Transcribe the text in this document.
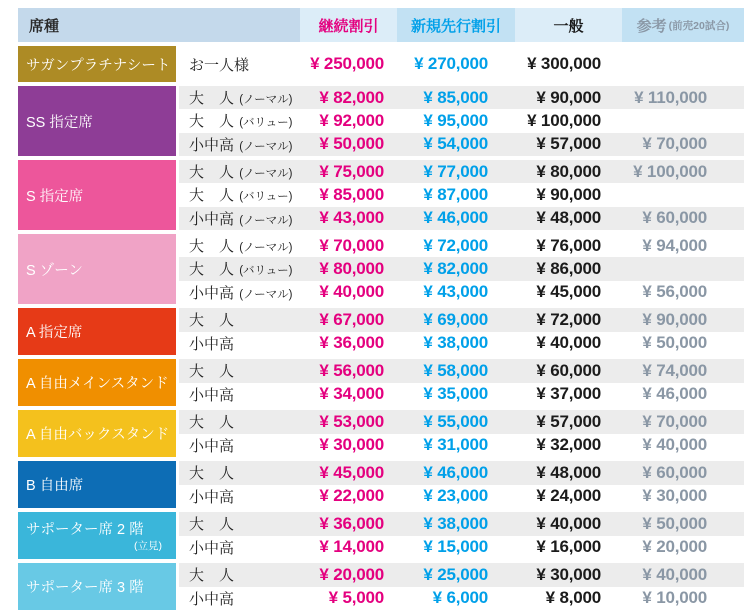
席種	継続割引	新規先行割引	一般	参考 (前売20試合)
サガンプラチナシート	お一人様	¥ 250,000	¥ 270,000	¥ 300,000
SS 指定席
大　人 (ノーマル)	¥ 82,000	¥ 85,000	¥ 90,000	¥ 110,000
大　人 (バリュー)	¥ 92,000	¥ 95,000	¥ 100,000
小中高 (ノーマル)	¥ 50,000	¥ 54,000	¥ 57,000	¥ 70,000
S 指定席
大　人 (ノーマル)	¥ 75,000	¥ 77,000	¥ 80,000	¥ 100,000
大　人 (バリュー)	¥ 85,000	¥ 87,000	¥ 90,000
小中高 (ノーマル)	¥ 43,000	¥ 46,000	¥ 48,000	¥ 60,000
S ゾーン
大　人 (ノーマル)	¥ 70,000	¥ 72,000	¥ 76,000	¥ 94,000
大　人 (バリュー)	¥ 80,000	¥ 82,000	¥ 86,000
小中高 (ノーマル)	¥ 40,000	¥ 43,000	¥ 45,000	¥ 56,000
A 指定席
大　人	¥ 67,000	¥ 69,000	¥ 72,000	¥ 90,000
小中高	¥ 36,000	¥ 38,000	¥ 40,000	¥ 50,000
A 自由メインスタンド
大　人	¥ 56,000	¥ 58,000	¥ 60,000	¥ 74,000
小中高	¥ 34,000	¥ 35,000	¥ 37,000	¥ 46,000
A 自由バックスタンド
大　人	¥ 53,000	¥ 55,000	¥ 57,000	¥ 70,000
小中高	¥ 30,000	¥ 31,000	¥ 32,000	¥ 40,000
B 自由席
大　人	¥ 45,000	¥ 46,000	¥ 48,000	¥ 60,000
小中高	¥ 22,000	¥ 23,000	¥ 24,000	¥ 30,000
サポーター席 2 階
(立見)
大　人	¥ 36,000	¥ 38,000	¥ 40,000	¥ 50,000
小中高	¥ 14,000	¥ 15,000	¥ 16,000	¥ 20,000
サポーター席 3 階
大　人	¥ 20,000	¥ 25,000	¥ 30,000	¥ 40,000
小中高	¥ 5,000	¥ 6,000	¥ 8,000	¥ 10,000
